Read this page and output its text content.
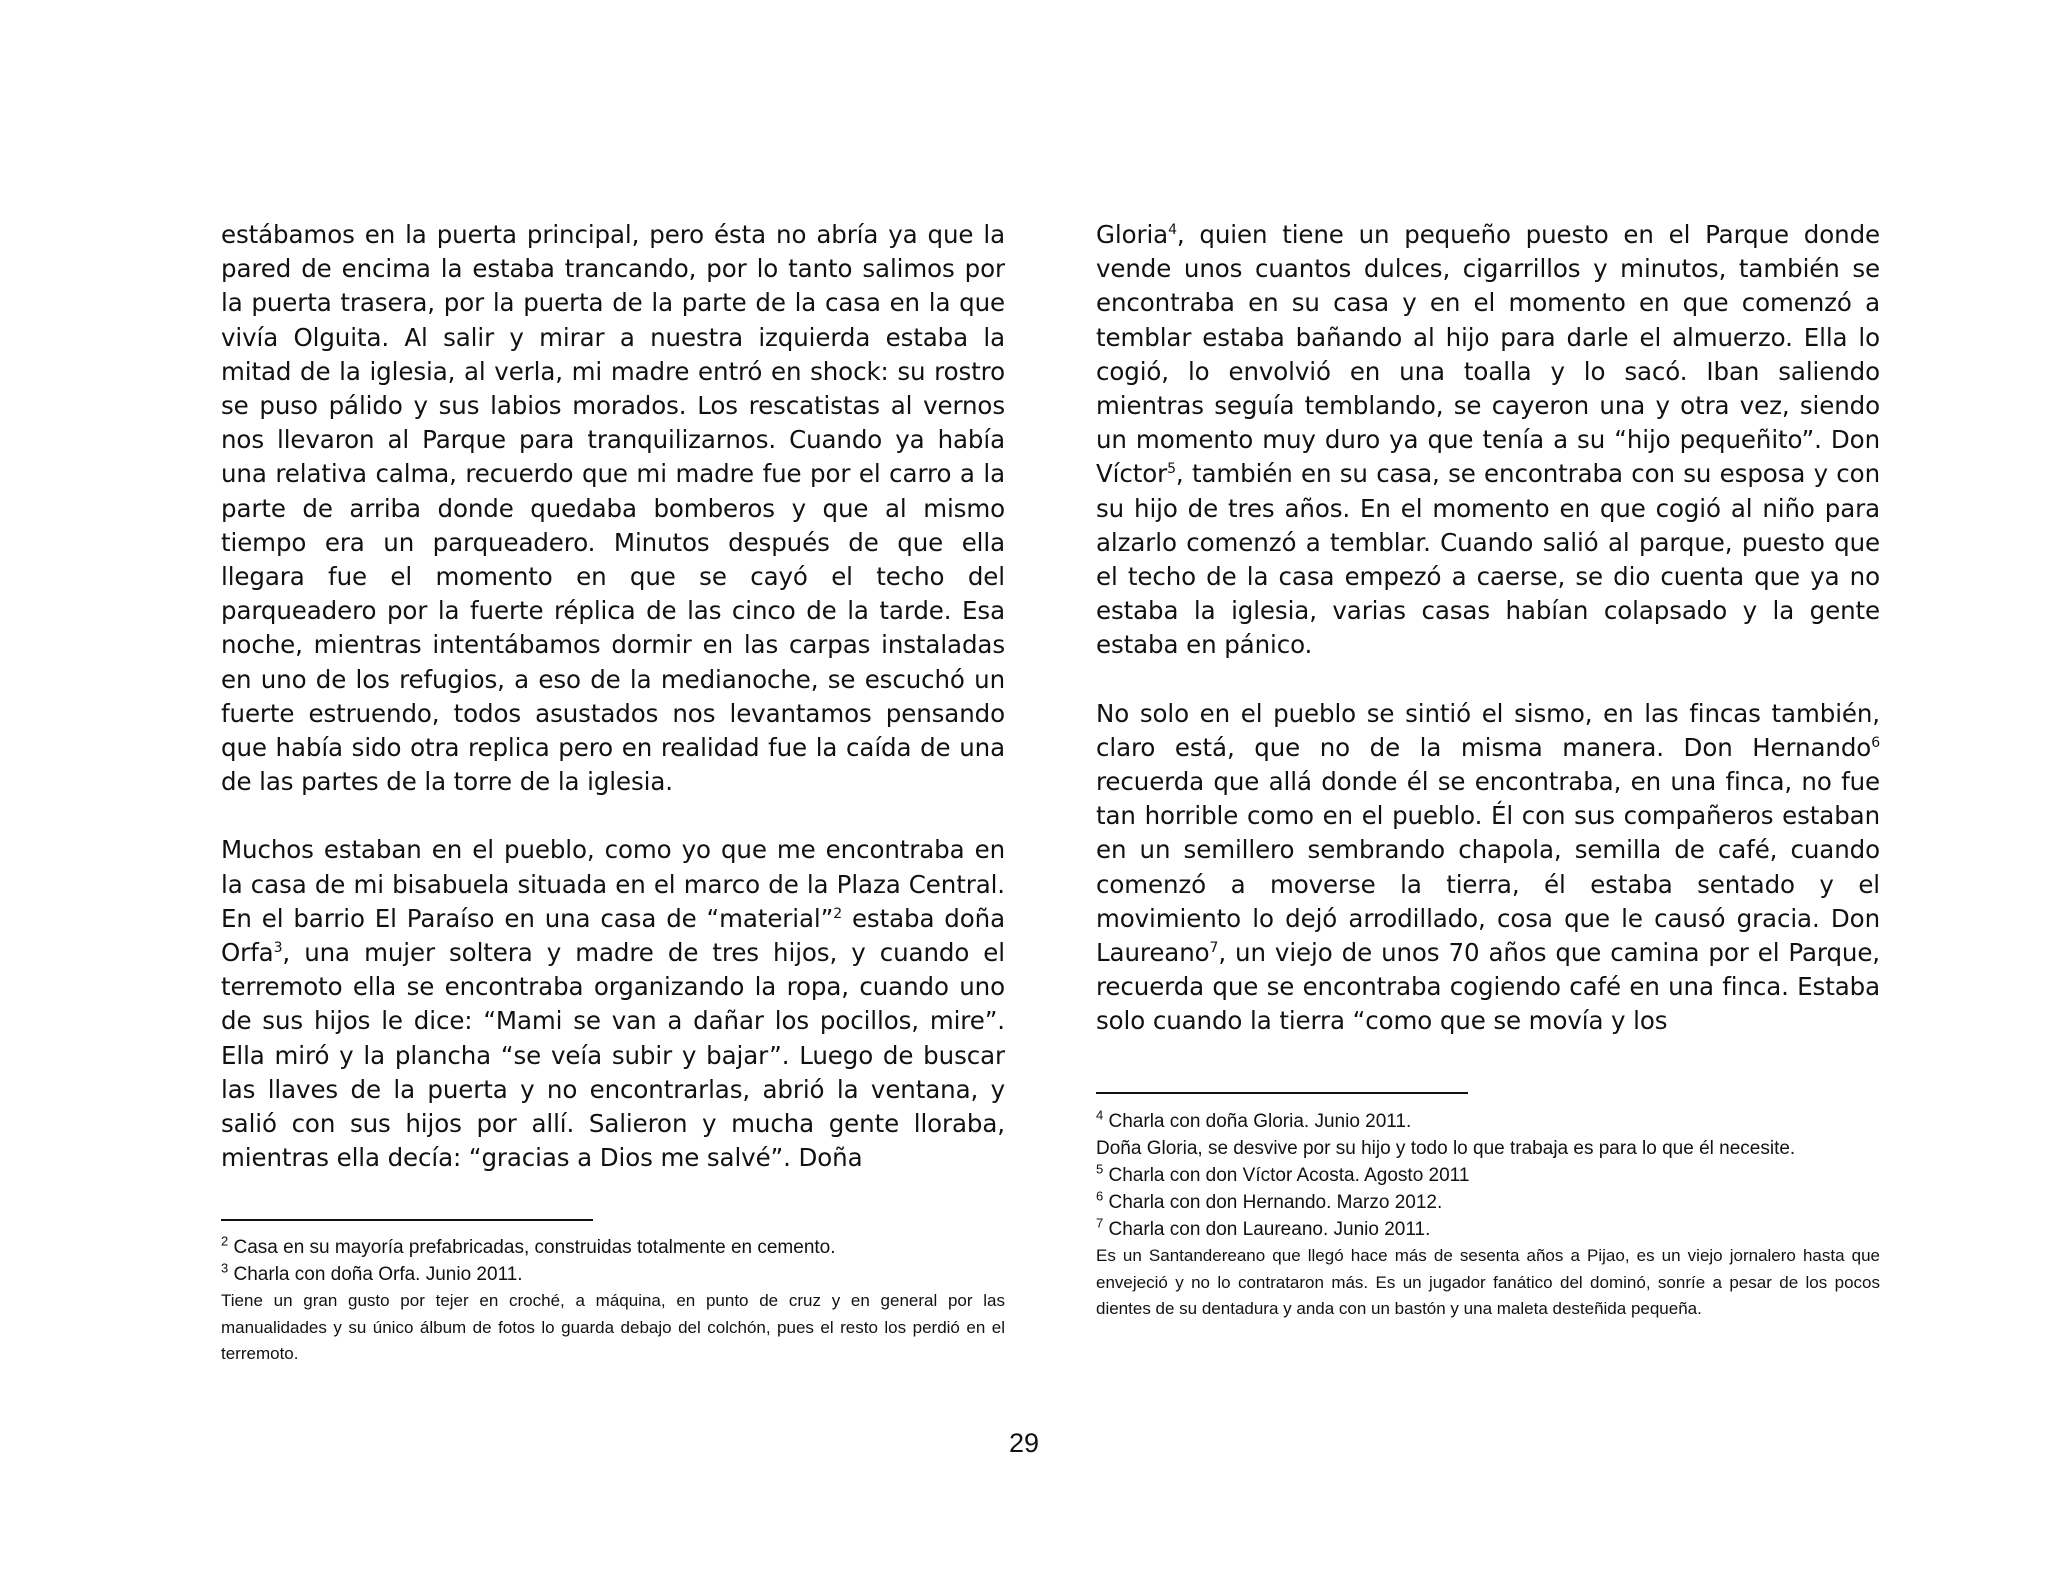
estábamos en la puerta principal, pero ésta no abría ya que la pared de encima la estaba trancando, por lo tanto salimos por la puerta trasera, por la puerta de la parte de la casa en la que vivía Olguita. Al salir y mirar a nuestra izquierda estaba la mitad de la iglesia, al verla, mi madre entró en shock: su rostro se puso pálido y sus labios morados. Los rescatistas al vernos nos llevaron al Parque para tranquilizarnos. Cuando ya había una relativa calma, recuerdo que mi madre fue por el carro a la parte de arriba donde quedaba bomberos y que al mismo tiempo era un parqueadero. Minutos después de que ella llegara fue el momento en que se cayó el techo del parqueadero por la fuerte réplica de las cinco de la tarde. Esa noche, mientras intentábamos dormir en las carpas instaladas en uno de los refugios, a eso de la medianoche, se escuchó un fuerte estruendo, todos asustados nos levantamos pensando que había sido otra replica pero en realidad fue la caída de una de las partes de la torre de la iglesia.

Muchos estaban en el pueblo, como yo que me encontraba en la casa de mi bisabuela situada en el marco de la Plaza Central. En el barrio El Paraíso en una casa de “material”$^2$ estaba doña Orfa$^3$, una mujer soltera y madre de tres hijos, y cuando el terremoto ella se encontraba organizando la ropa, cuando uno de sus hijos le dice: “Mami se van a dañar los pocillos, mire”. Ella miró y la plancha “se veía subir y bajar”. Luego de buscar las llaves de la puerta y no encontrarlas, abrió la ventana, y salió con sus hijos por allí. Salieron y mucha gente lloraba, mientras ella decía: “gracias a Dios me salvé”. Doña

$^2$ Casa en su mayoría prefabricadas, construidas totalmente en cemento.

$^3$ Charla con doña Orfa. Junio 2011.

Tiene un gran gusto por tejer en croché, a máquina, en punto de cruz y en general por las manualidades y su único álbum de fotos lo guarda debajo del colchón, pues el resto los perdió en el terremoto.

Gloria$^4$, quien tiene un pequeño puesto en el Parque donde vende unos cuantos dulces, cigarrillos y minutos, también se encontraba en su casa y en el momento en que comenzó a temblar estaba bañando al hijo para darle el almuerzo. Ella lo cogió, lo envolvió en una toalla y lo sacó. Iban saliendo mientras seguía temblando, se cayeron una y otra vez, siendo un momento muy duro ya que tenía a su “hijo pequeñito”. Don Víctor$^5$, también en su casa, se encontraba con su esposa y con su hijo de tres años. En el momento en que cogió al niño para alzarlo comenzó a temblar. Cuando salió al parque, puesto que el techo de la casa empezó a caerse, se dio cuenta que ya no estaba la iglesia, varias casas habían colapsado y la gente estaba en pánico.

No solo en el pueblo se sintió el sismo, en las fincas también, claro está, que no de la misma manera. Don Hernando$^6$ recuerda que allá donde él se encontraba, en una finca, no fue tan horrible como en el pueblo. Él con sus compañeros estaban en un semillero sembrando chapola, semilla de café, cuando comenzó a moverse la tierra, él estaba sentado y el movimiento lo dejó arrodillado, cosa que le causó gracia. Don Laureano$^7$, un viejo de unos 70 años que camina por el Parque, recuerda que se encontraba cogiendo café en una finca. Estaba solo cuando la tierra “como que se movía y los

$^4$ Charla con doña Gloria. Junio 2011.

Doña Gloria, se desvive por su hijo y todo lo que trabaja es para lo que él necesite.

$^5$ Charla con don Víctor Acosta. Agosto 2011

$^6$ Charla con don Hernando. Marzo 2012.

$^7$ Charla con don Laureano. Junio 2011.

Es un Santandereano que llegó hace más de sesenta años a Pijao, es un viejo jornalero hasta que envejeció y no lo contrataron más. Es un jugador fanático del dominó, sonríe a pesar de los pocos dientes de su dentadura y anda con un bastón y una maleta desteñida pequeña.

29
